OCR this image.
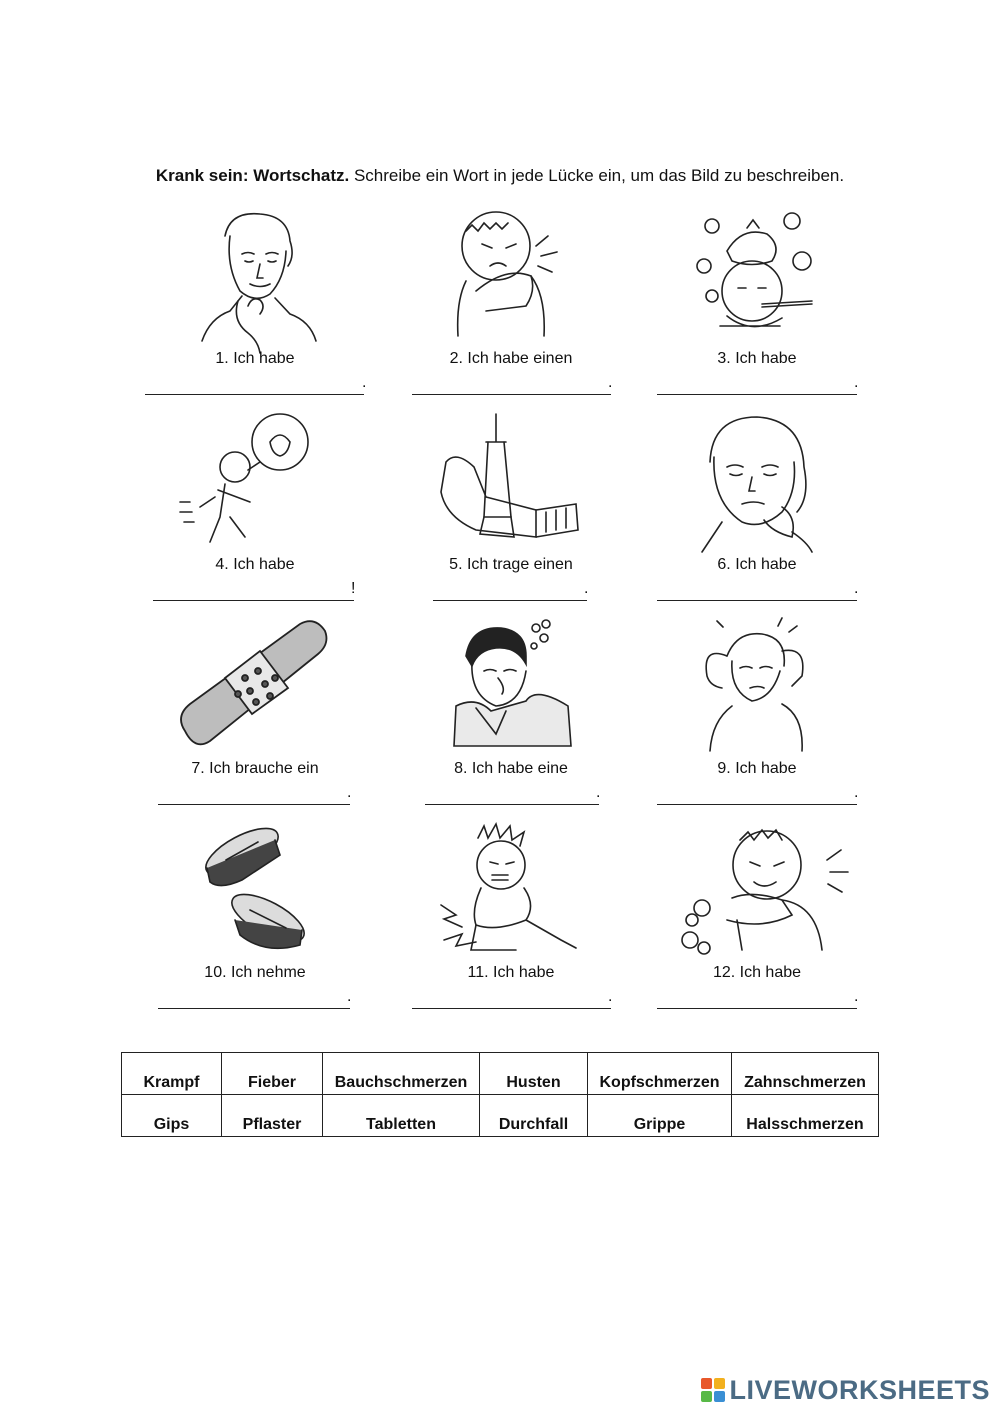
Krank sein: Wortschatz. Schreibe ein Wort in jede Lücke ein, um das Bild zu beschreiben.
1. Ich habe
.
2. Ich habe einen
.
3. Ich habe
.
4. Ich habe
!
5. Ich trage einen
.
6. Ich habe
.
7. Ich brauche ein
.
8. Ich habe eine
.
9. Ich habe
.
10. Ich nehme
.
11. Ich habe
.
12. Ich habe
.
Krampf	Fieber	Bauchschmerzen	Husten	Kopfschmerzen	Zahnschmerzen
Gips	Pflaster	Tabletten	Durchfall	Grippe	Halsschmerzen
LIVEWORKSHEETS
